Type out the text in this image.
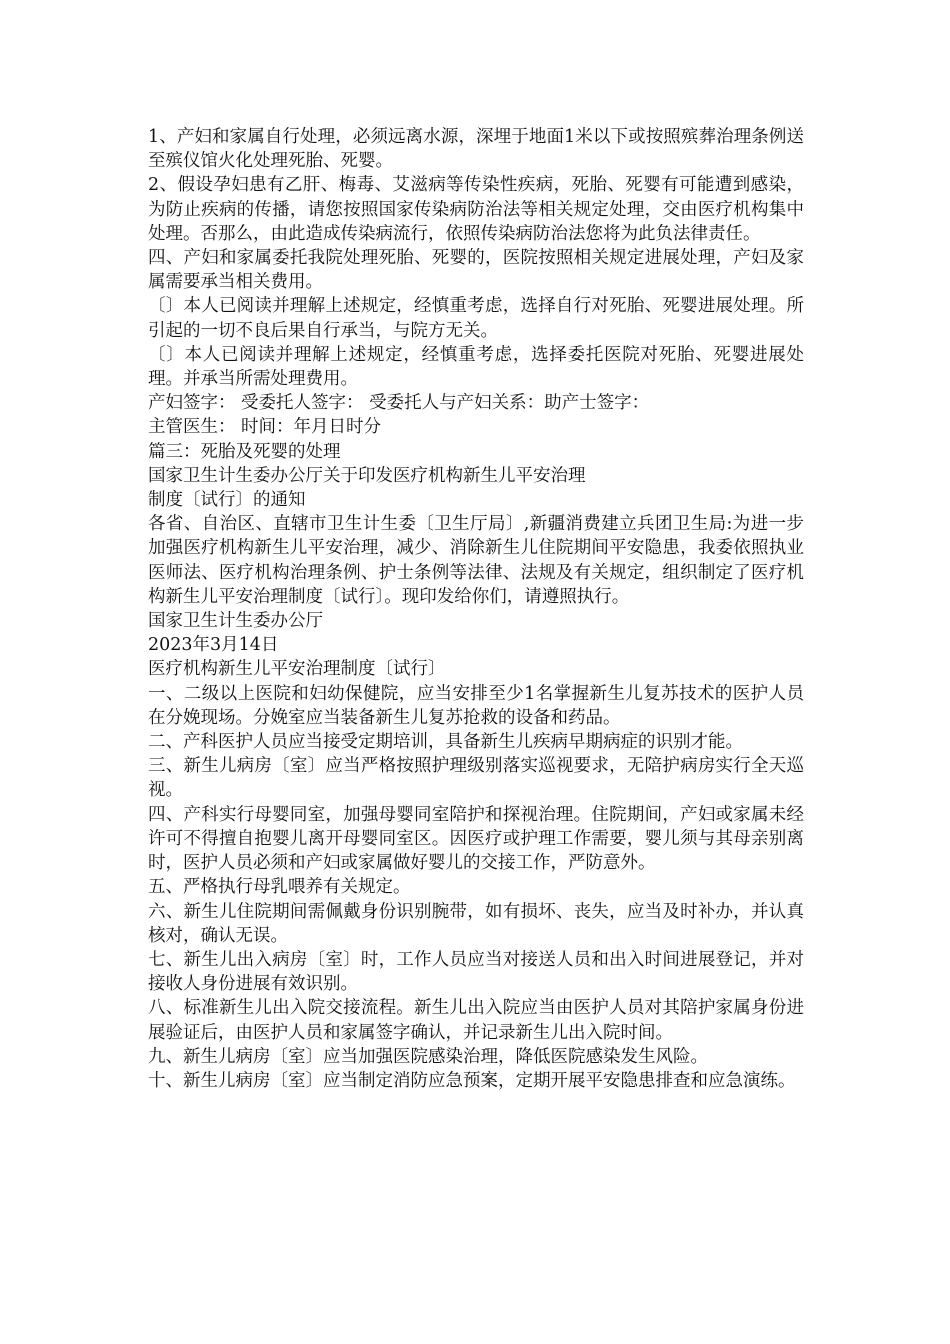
1、产妇和家属自行处理，必须远离水源，深埋于地面1米以下或按照殡葬治理条例送至殡仪馆火化处理死胎、死婴。

2、假设孕妇患有乙肝、梅毒、艾滋病等传染性疾病，死胎、死婴有可能遭到感染，为防止疾病的传播，请您按照国家传染病防治法等相关规定处理，交由医疗机构集中处理。否那么，由此造成传染病流行，依照传染病防治法您将为此负法律责任。

四、产妇和家属委托我院处理死胎、死婴的，医院按照相关规定进展处理，产妇及家属需要承当相关费用。

〔〕本人已阅读并理解上述规定，经慎重考虑，选择自行对死胎、死婴进展处理。所引起的一切不良后果自行承当，与院方无关。

〔〕本人已阅读并理解上述规定，经慎重考虑，选择委托医院对死胎、死婴进展处理。并承当所需处理费用。

产妇签字： 受委托人签字： 受委托人与产妇关系：助产士签字：

主管医生： 时间：年月日时分

篇三：死胎及死婴的处理

国家卫生计生委办公厅关于印发医疗机构新生儿平安治理

制度〔试行〕的通知

各省、自治区、直辖市卫生计生委〔卫生厅局〕,新疆消费建立兵团卫生局:为进一步加强医疗机构新生儿平安治理，减少、消除新生儿住院期间平安隐患，我委依照执业医师法、医疗机构治理条例、护士条例等法律、法规及有关规定，组织制定了医疗机构新生儿平安治理制度〔试行〕。现印发给你们，请遵照执行。

国家卫生计生委办公厅

2023年3月14日

医疗机构新生儿平安治理制度〔试行〕

一、二级以上医院和妇幼保健院，应当安排至少1名掌握新生儿复苏技术的医护人员在分娩现场。分娩室应当装备新生儿复苏抢救的设备和药品。

二、产科医护人员应当接受定期培训，具备新生儿疾病早期病症的识别才能。

三、新生儿病房〔室〕应当严格按照护理级别落实巡视要求，无陪护病房实行全天巡视。

四、产科实行母婴同室，加强母婴同室陪护和探视治理。住院期间，产妇或家属未经许可不得擅自抱婴儿离开母婴同室区。因医疗或护理工作需要，婴儿须与其母亲别离时，医护人员必须和产妇或家属做好婴儿的交接工作，严防意外。

五、严格执行母乳喂养有关规定。

六、新生儿住院期间需佩戴身份识别腕带，如有损坏、丧失，应当及时补办，并认真核对，确认无误。

七、新生儿出入病房〔室〕时，工作人员应当对接送人员和出入时间进展登记，并对接收人身份进展有效识别。

八、标准新生儿出入院交接流程。新生儿出入院应当由医护人员对其陪护家属身份进展验证后，由医护人员和家属签字确认，并记录新生儿出入院时间。

九、新生儿病房〔室〕应当加强医院感染治理，降低医院感染发生风险。

十、新生儿病房〔室〕应当制定消防应急预案，定期开展平安隐患排查和应急演练。
